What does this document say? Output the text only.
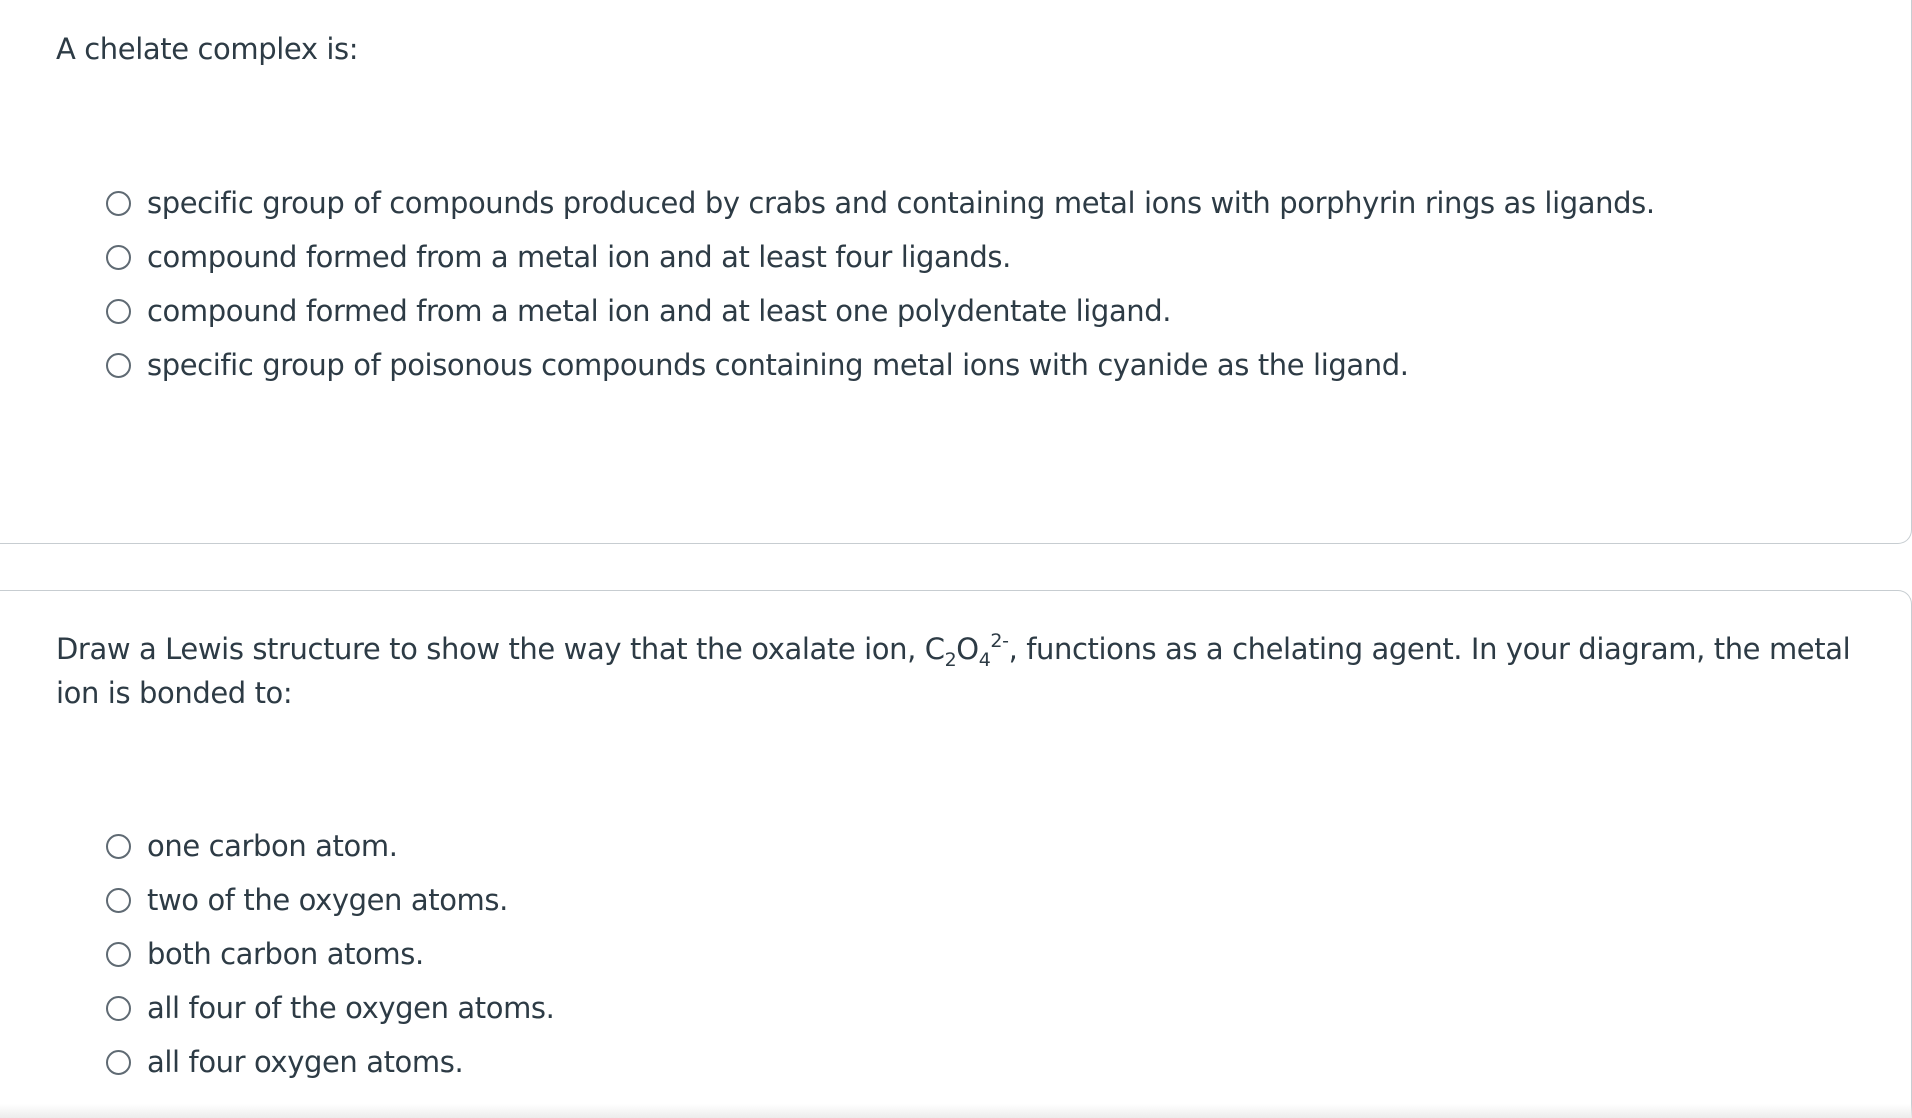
A chelate complex is:

specific group of compounds produced by crabs and containing metal ions with porphyrin rings as ligands.
compound formed from a metal ion and at least four ligands.
compound formed from a metal ion and at least one polydentate ligand.
specific group of poisonous compounds containing metal ions with cyanide as the ligand.

Draw a Lewis structure to show the way that the oxalate ion, $C_2O_4^{2-}$, functions as a chelating agent. In your diagram, the metal ion is bonded to:

one carbon atom.
two of the oxygen atoms.
both carbon atoms.
all four of the oxygen atoms.
all four oxygen atoms.
